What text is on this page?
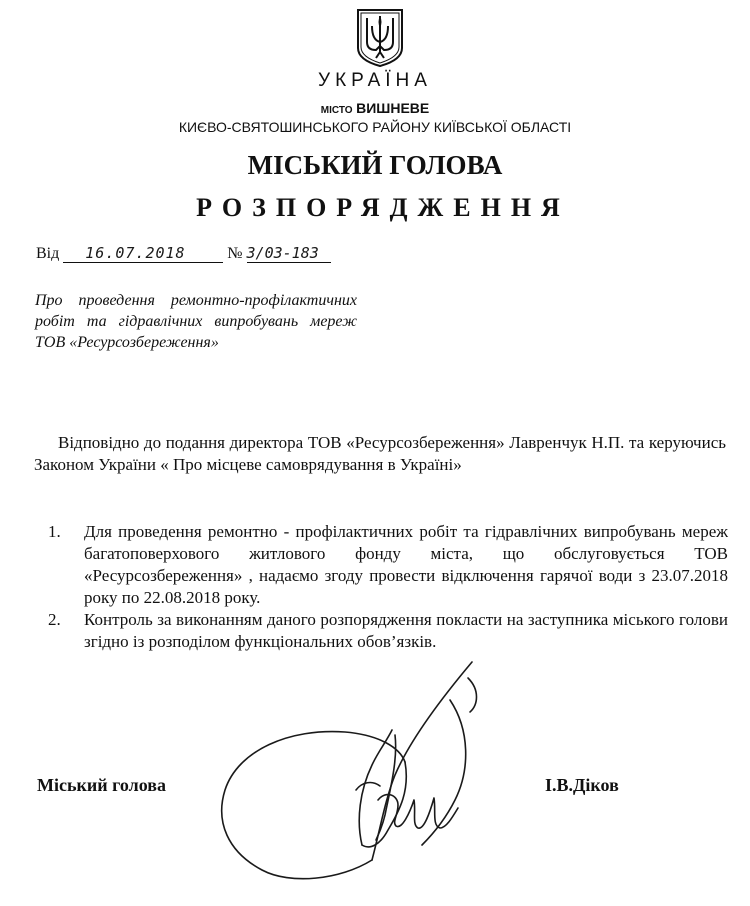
УКРАЇНА
МІСТО ВИШНЕВЕ
КИЄВО-СВЯТОШИНСЬКОГО РАЙОНУ КИЇВСЬКОЇ ОБЛАСТІ
МІСЬКИЙ ГОЛОВА
РОЗПОРЯДЖЕННЯ
Від 16.07.2018	№ 3/03-183
Про проведення ремонтно-профілактичних робіт та гідравлічних випробувань мереж ТОВ «Ресурсозбереження»
Відповідно до подання директора ТОВ «Ресурсозбереження» Лавренчук Н.П. та керуючись Законом України « Про місцеве самоврядування в Україні»
1. Для проведення ремонтно - профілактичних робіт та гідравлічних випробувань мереж багатоповерхового житлового фонду міста, що обслуговується ТОВ «Ресурсозбереження» , надаємо згоду провести відключення гарячої води з 23.07.2018 року по 22.08.2018 року.
2. Контроль за виконанням даного розпорядження покласти на заступника міського голови згідно із розподілом функціональних обов’язків.
Міський голова	І.В.Діков
